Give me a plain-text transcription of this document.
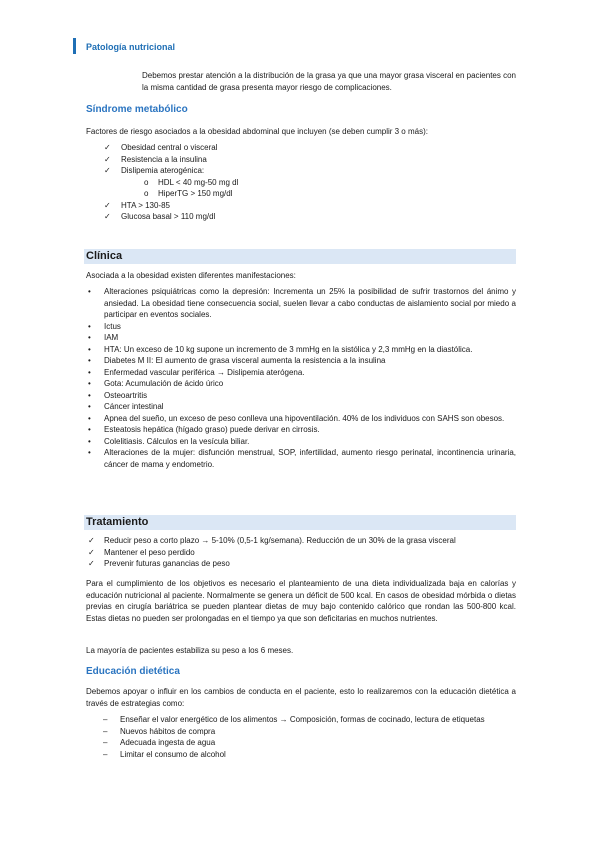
Patología nutricional
Debemos prestar atención a la distribución de la grasa ya que una mayor grasa visceral en pacientes con la misma cantidad de grasa presenta mayor riesgo de complicaciones.
Síndrome metabólico
Factores de riesgo asociados a la obesidad abdominal que incluyen (se deben cumplir 3 o más):
✓ Obesidad central o visceral
✓ Resistencia a la insulina
✓ Dislipemia aterogénica:
o HDL < 40 mg-50 mg dl
o HiperTG > 150 mg/dl
✓ HTA > 130-85
✓ Glucosa basal > 110 mg/dl
Clínica
Asociada a la obesidad existen diferentes manifestaciones:
• Alteraciones psiquiátricas como la depresión: Incrementa un 25% la posibilidad de sufrir trastornos del ánimo y ansiedad. La obesidad tiene consecuencia social, suelen llevar a cabo conductas de aislamiento social por miedo a participar en eventos sociales.
• Ictus
• IAM
• HTA: Un exceso de 10 kg supone un incremento de 3 mmHg en la sistólica y 2,3 mmHg en la diastólica.
• Diabetes M II: El aumento de grasa visceral aumenta la resistencia a la insulina
• Enfermedad vascular periférica → Dislipemia aterógena.
• Gota: Acumulación de ácido úrico
• Osteoartritis
• Cáncer intestinal
• Apnea del sueño, un exceso de peso conlleva una hipoventilación. 40% de los individuos con SAHS son obesos.
• Esteatosis hepática (hígado graso) puede derivar en cirrosis.
• Colelitiasis. Cálculos en la vesícula biliar.
• Alteraciones de la mujer: disfunción menstrual, SOP, infertilidad, aumento riesgo perinatal, incontinencia urinaria, cáncer de mama y endometrio.
Tratamiento
✓ Reducir peso a corto plazo → 5-10% (0,5-1 kg/semana). Reducción de un 30% de la grasa visceral
✓ Mantener el peso perdido
✓ Prevenir futuras ganancias de peso
Para el cumplimiento de los objetivos es necesario el planteamiento de una dieta individualizada baja en calorías y educación nutricional al paciente. Normalmente se genera un déficit de 500 kcal. En casos de obesidad mórbida o dietas previas en cirugía bariátrica se pueden plantear dietas de muy bajo contenido calórico que rondan las 500-800 kcal. Estas dietas no pueden ser prolongadas en el tiempo ya que son deficitarias en muchos nutrientes.
La mayoría de pacientes estabiliza su peso a los 6 meses.
Educación dietética
Debemos apoyar o influir en los cambios de conducta en el paciente, esto lo realizaremos con la educación dietética a través de estrategias como:
– Enseñar el valor energético de los alimentos → Composición, formas de cocinado, lectura de etiquetas
– Nuevos hábitos de compra
– Adecuada ingesta de agua
– Limitar el consumo de alcohol
